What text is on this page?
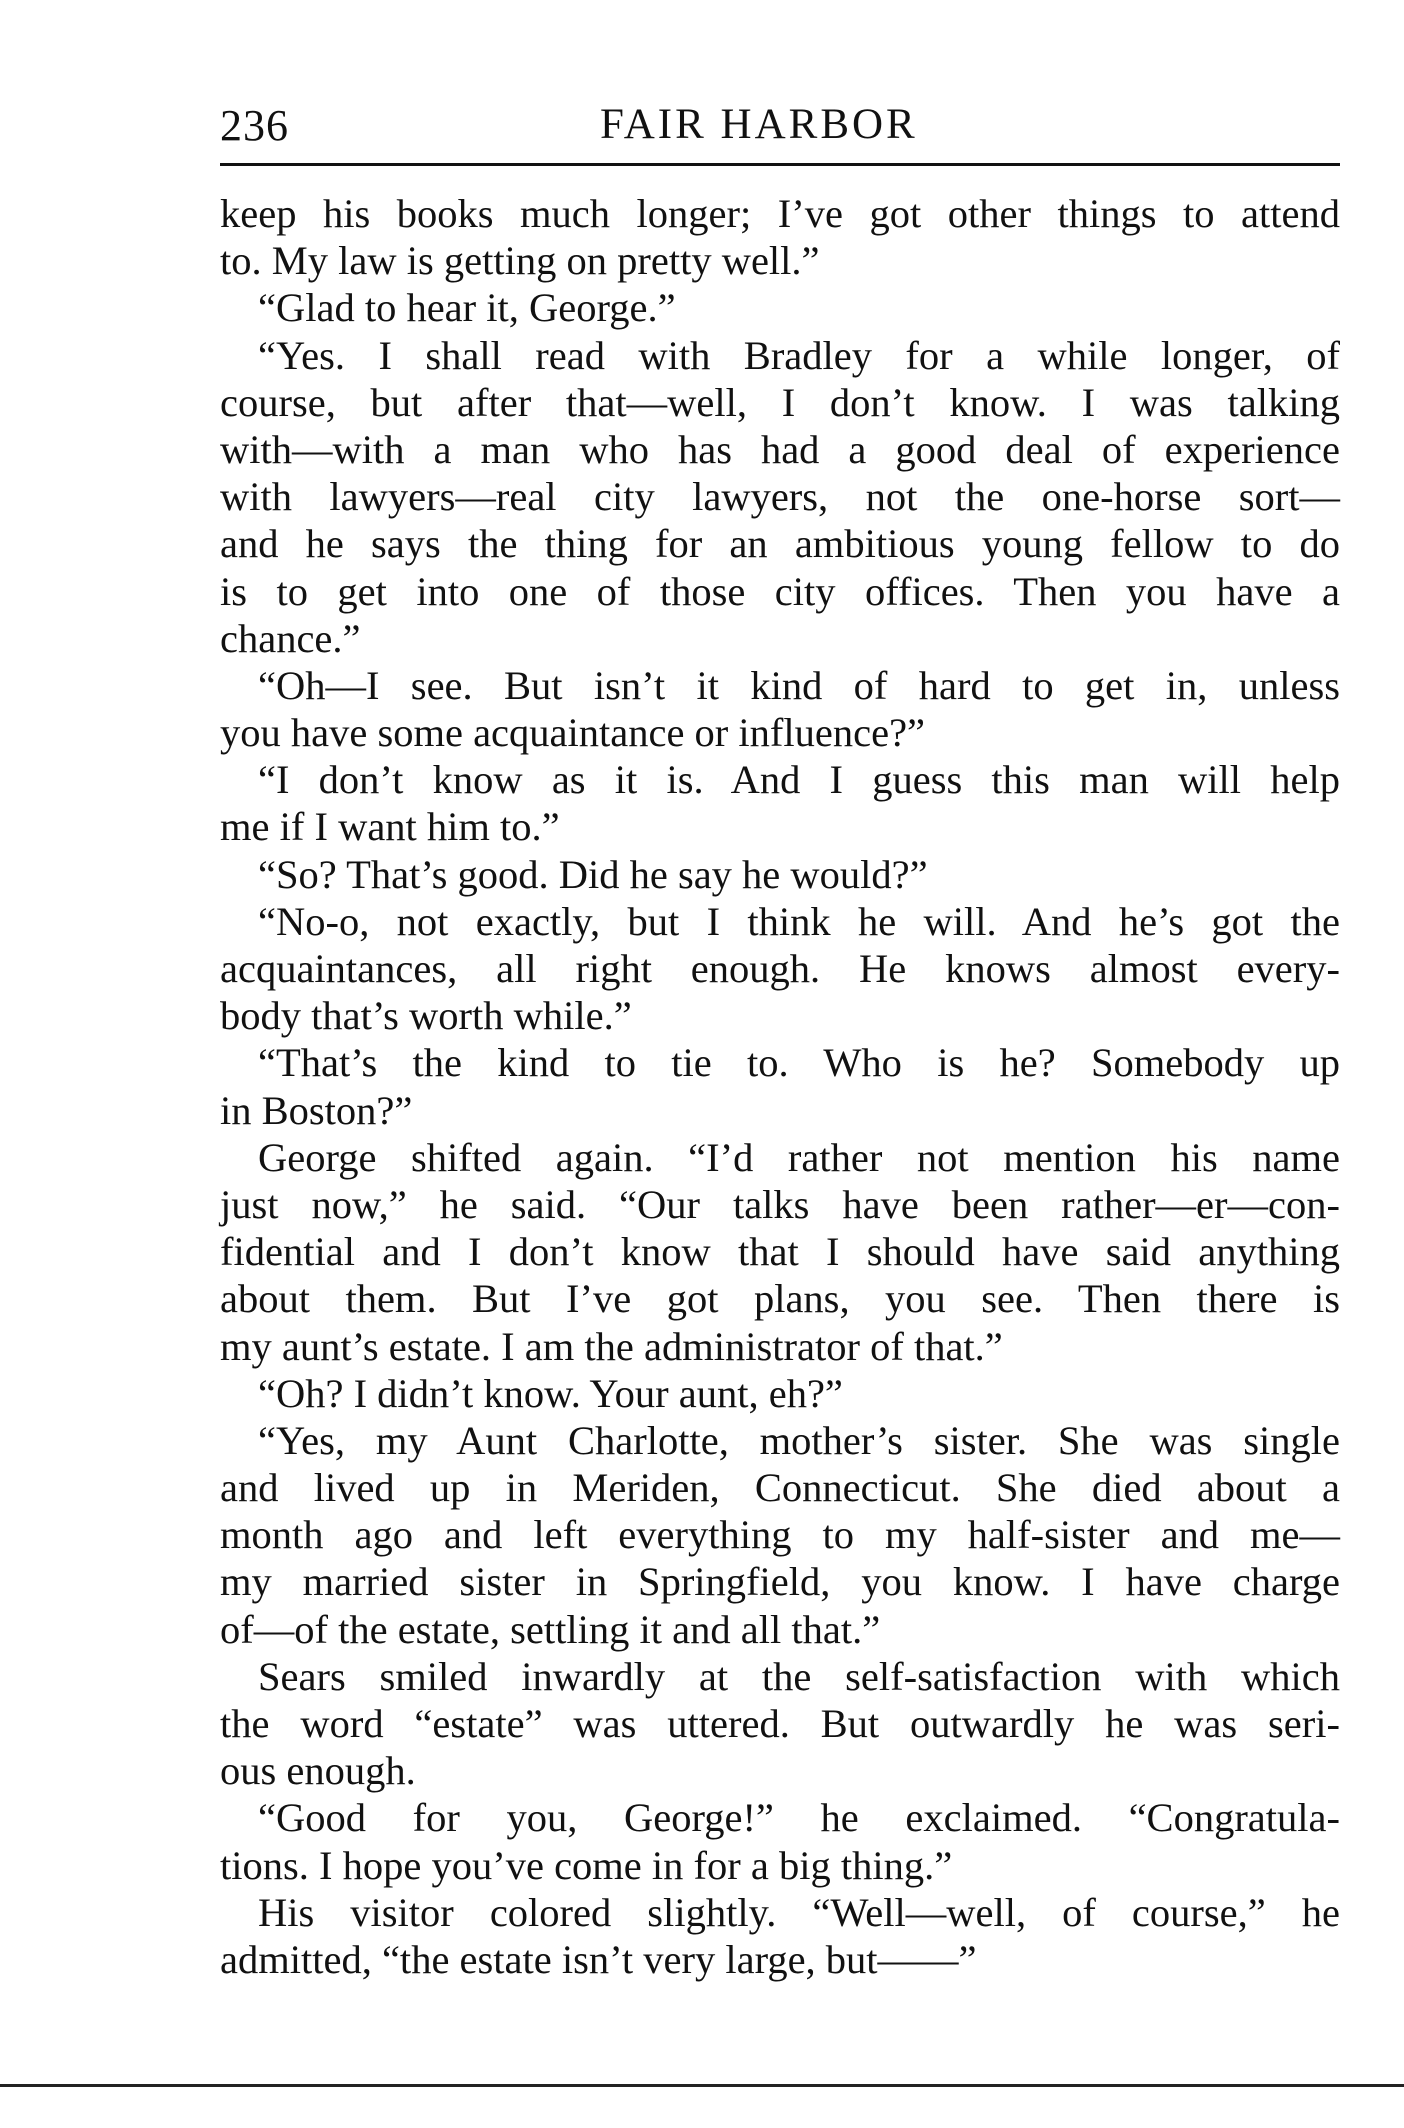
236	FAIR HARBOR
keep his books much longer; I’ve got other things to attend
to. My law is getting on pretty well.”
“Glad to hear it, George.”
“Yes. I shall read with Bradley for a while longer, of
course, but after that—well, I don’t know. I was talking
with—with a man who has had a good deal of experience
with lawyers—real city lawyers, not the one-horse sort—
and he says the thing for an ambitious young fellow to do
is to get into one of those city offices. Then you have a
chance.”
“Oh—I see. But isn’t it kind of hard to get in, unless
you have some acquaintance or influence?”
“I don’t know as it is. And I guess this man will help
me if I want him to.”
“So? That’s good. Did he say he would?”
“No-o, not exactly, but I think he will. And he’s got the
acquaintances, all right enough. He knows almost every-
body that’s worth while.”
“That’s the kind to tie to. Who is he? Somebody up
in Boston?”
George shifted again. “I’d rather not mention his name
just now,” he said. “Our talks have been rather—er—con-
fidential and I don’t know that I should have said anything
about them. But I’ve got plans, you see. Then there is
my aunt’s estate. I am the administrator of that.”
“Oh? I didn’t know. Your aunt, eh?”
“Yes, my Aunt Charlotte, mother’s sister. She was single
and lived up in Meriden, Connecticut. She died about a
month ago and left everything to my half-sister and me—
my married sister in Springfield, you know. I have charge
of—of the estate, settling it and all that.”
Sears smiled inwardly at the self-satisfaction with which
the word “estate” was uttered. But outwardly he was seri-
ous enough.
“Good for you, George!” he exclaimed. “Congratula-
tions. I hope you’ve come in for a big thing.”
His visitor colored slightly. “Well—well, of course,” he
admitted, “the estate isn’t very large, but——”
